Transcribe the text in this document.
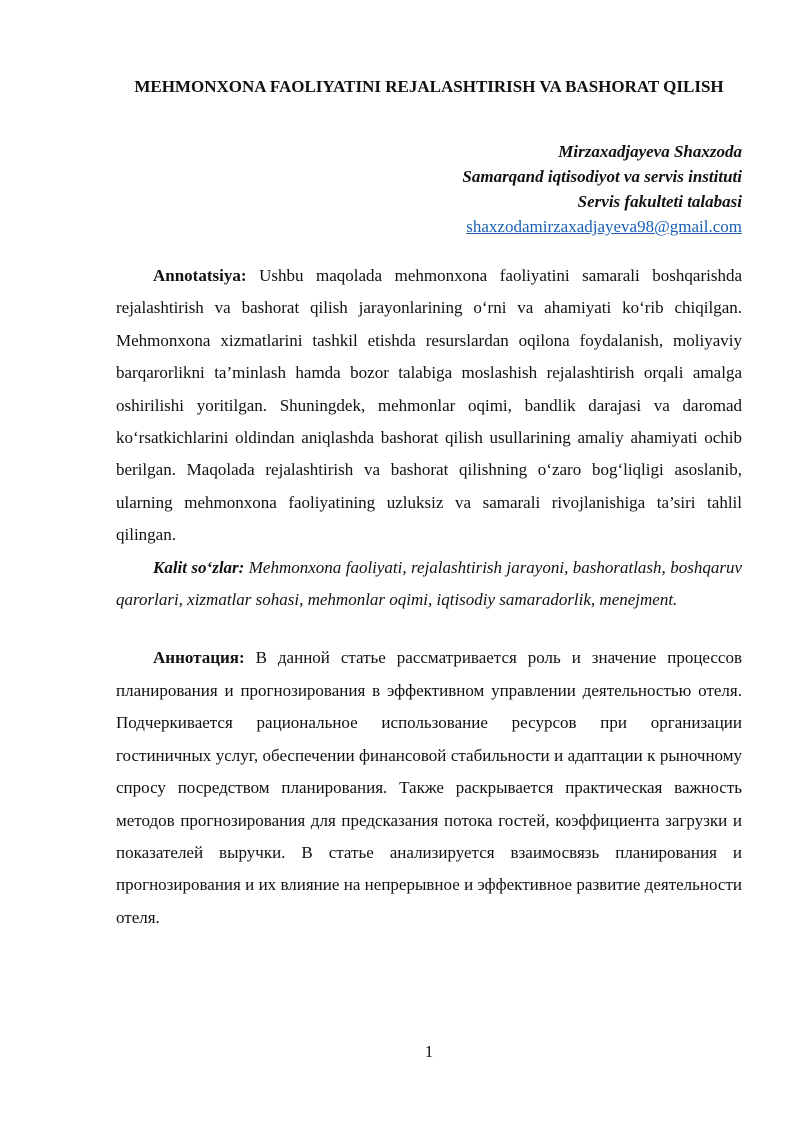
MEHMONXONA FAOLIYATINI REJALASHTIRISH VA BASHORAT QILISH
Mirzaxadjayeva Shaxzoda
Samarqand iqtisodiyot va servis instituti
Servis fakulteti talabasi
shaxzodamirzaxadjayeva98@gmail.com

Annotatsiya: Ushbu maqolada mehmonxona faoliyatini samarali boshqarishda rejalashtirish va bashorat qilish jarayonlarining o‘rni va ahamiyati ko‘rib chiqilgan. Mehmonxona xizmatlarini tashkil etishda resurslardan oqilona foydalanish, moliyaviy barqarorlikni ta’minlash hamda bozor talabiga moslashish rejalashtirish orqali amalga oshirilishi yoritilgan. Shuningdek, mehmonlar oqimi, bandlik darajasi va daromad ko‘rsatkichlarini oldindan aniqlashda bashorat qilish usullarining amaliy ahamiyati ochib berilgan. Maqolada rejalashtirish va bashorat qilishning o‘zaro bog‘liqligi asoslanib, ularning mehmonxona faoliyatining uzluksiz va samarali rivojlanishiga ta’siri tahlil qilingan.

Kalit so‘zlar: Mehmonxona faoliyati, rejalashtirish jarayoni, bashoratlash, boshqaruv qarorlari, xizmatlar sohasi, mehmonlar oqimi, iqtisodiy samaradorlik, menejment.

Аннотация: В данной статье рассматривается роль и значение процессов планирования и прогнозирования в эффективном управлении деятельностью отеля. Подчеркивается рациональное использование ресурсов при организации гостиничных услуг, обеспечении финансовой стабильности и адаптации к рыночному спросу посредством планирования. Также раскрывается практическая важность методов прогнозирования для предсказания потока гостей, коэффициента загрузки и показателей выручки. В статье анализируется взаимосвязь планирования и прогнозирования и их влияние на непрерывное и эффективное развитие деятельности отеля.

1
